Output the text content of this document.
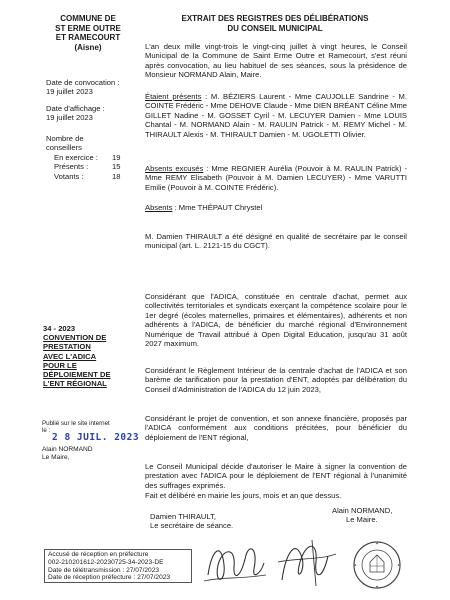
COMMUNE DE
ST ERME OUTRE
ET RAMECOURT
(Aisne)
EXTRAIT DES REGISTRES DES DÉLIBÉRATIONS
DU CONSEIL MUNICIPAL
Date de convocation :
19 juillet 2023
Date d'affichage :
19 juillet 2023
Nombre de
conseillers
En exercice : 19
Présents :	15
Votants :	18
34 - 2023
CONVENTION DE
PRESTATION
AVEC L'ADICA
POUR LE
DÉPLOIEMENT DE
L'ENT RÉGIONAL
Publié sur le site internet
le :
2 8 JUIL. 2023
Alain NORMAND
Le Maire,
L'an deux mille vingt-trois le vingt-cinq juillet à vingt heures, le Conseil Municipal de la Commune de Saint Erme Outre et Ramecourt, s'est réuni après convocation, au lieu habituel de ses séances, sous la présidence de Monsieur NORMAND Alain, Maire.
Étaient présents : M. BÉZIERS Laurent - Mme CAUJOLLE Sandrine - M. COINTE Frédéric - Mme DEHOVE Claude - Mme DIEN BRÉANT Céline Mme GILLET Nadine - M. GOSSET Cyril - M. LECUYER Damien - Mme LOUIS Chantal - M. NORMAND Alain - M. RAULIN Patrick - M. REMY Michel - M. THIRAULT Alexis - M. THIRAULT Damien - M. UGOLETTI Olivier.
Absents excusés : Mme REGNIER Aurélia (Pouvoir à M. RAULIN Patrick) - Mme REMY Elisabeth (Pouvoir à M. Damien LECUYER) - Mme VARUTTI Emilie (Pouvoir à M. COINTE Frédéric).
Absents : Mme THÉPAUT Chrystel
M. Damien THIRAULT a été désigné en qualité de secrétaire par le conseil municipal (art. L. 2121-15 du CGCT).
Considérant que l'ADICA, constituée en centrale d'achat, permet aux collectivités territoriales et syndicats exerçant la compétence scolaire pour le 1er degré (écoles maternelles, primaires et élémentaires), adhérents et non adhérents à l'ADICA, de bénéficier du marché régional d'Environnement Numérique de Travail attribué à Open Digital Education, jusqu'au 31 août 2027 maximum.
Considérant le Règlement Intérieur de la centrale d'achat de l'ADICA et son barème de tarification pour la prestation d'ENT, adoptés par délibération du Conseil d'Administration de l'ADICA du 12 juin 2023,
Considérant le projet de convention, et son annexe financière, proposés par l'ADICA conformément aux conditions précitées, pour bénéficier du déploiement de l'ENT régional,
Le Conseil Municipal décide d'autoriser le Maire à signer la convention de prestation avec l'ADICA pour le déploiement de l'ENT régional à l'unanimité des suffrages exprimés.
Fait et délibéré en mairie les jours, mois et an que dessus.
Damien THIRAULT,
Le secrétaire de séance.
Alain NORMAND,
Le Maire.
Accusé de réception en préfecture
002-210201612-20230725-34-2023-DE
Date de télétransmission : 27/07/2023
Date de réception préfecture : 27/07/2023
